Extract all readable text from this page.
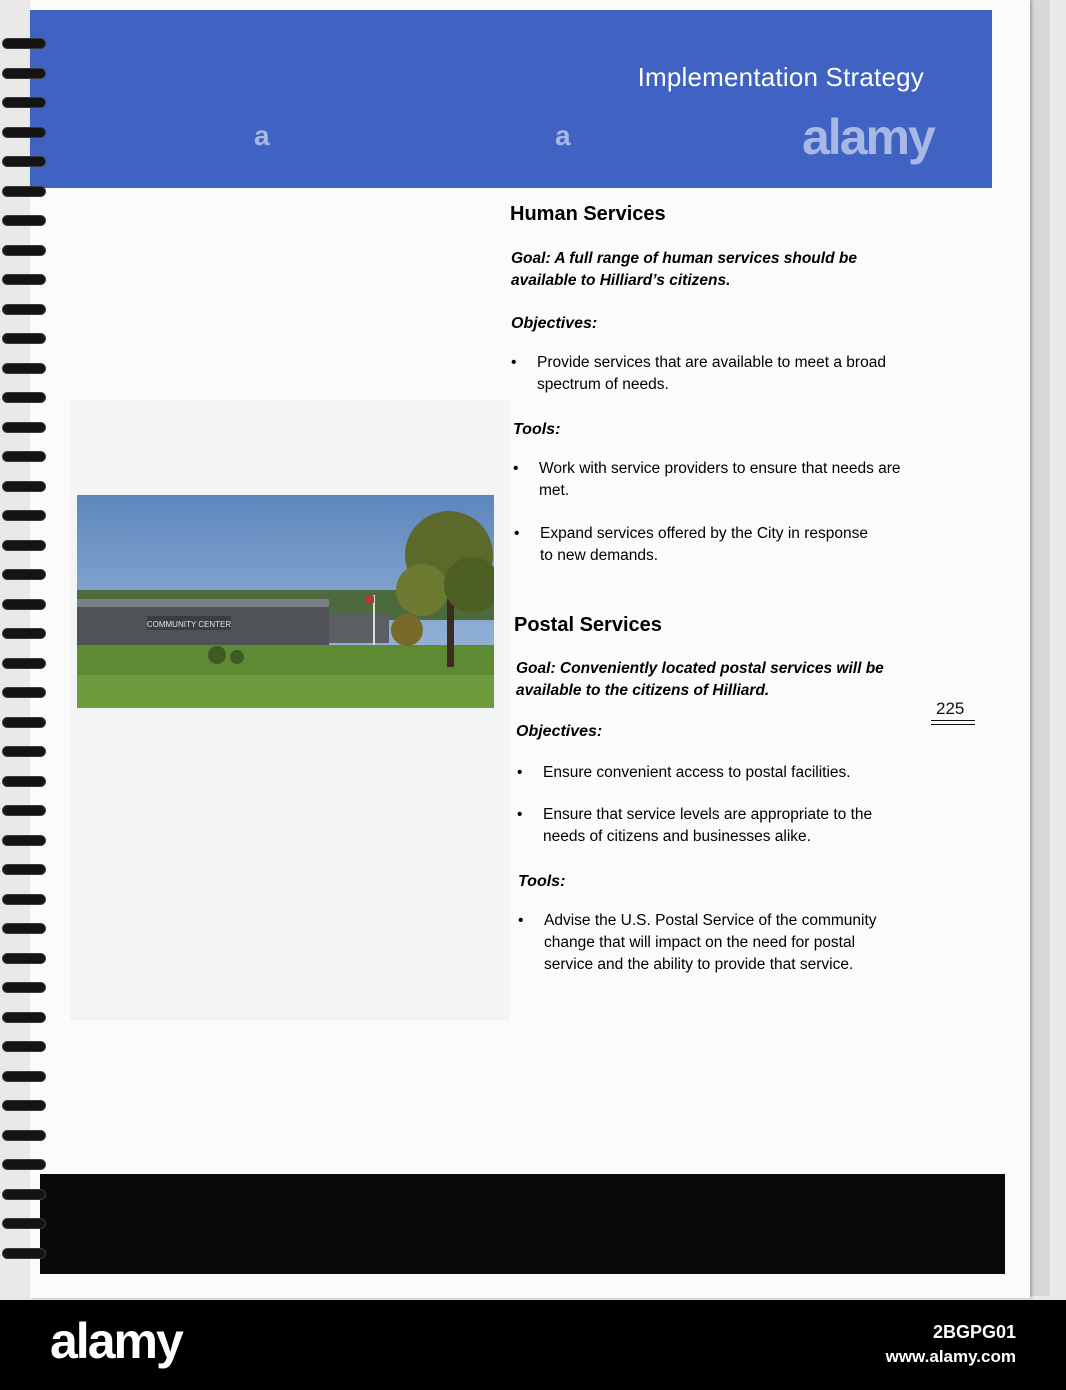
Implementation Strategy
a	a	alamy
COMMUNITY CENTER
Human Services
Goal: A full range of human services should be available to Hilliard’s citizens.
Objectives:
• Provide services that are available to meet a broad spectrum of needs.
Tools:
• Work with service providers to ensure that needs are met.
• Expand services offered by the City in response to new demands.
Postal Services
Goal: Conveniently located postal services will be available to the citizens of Hilliard.
Objectives:
• Ensure convenient access to postal facilities.
• Ensure that service levels are appropriate to the needs of citizens and businesses alike.
Tools:
• Advise the U.S. Postal Service of the community change that will impact on the need for postal service and the ability to provide that service.
225
alamy	2BGPG01
www.alamy.com
